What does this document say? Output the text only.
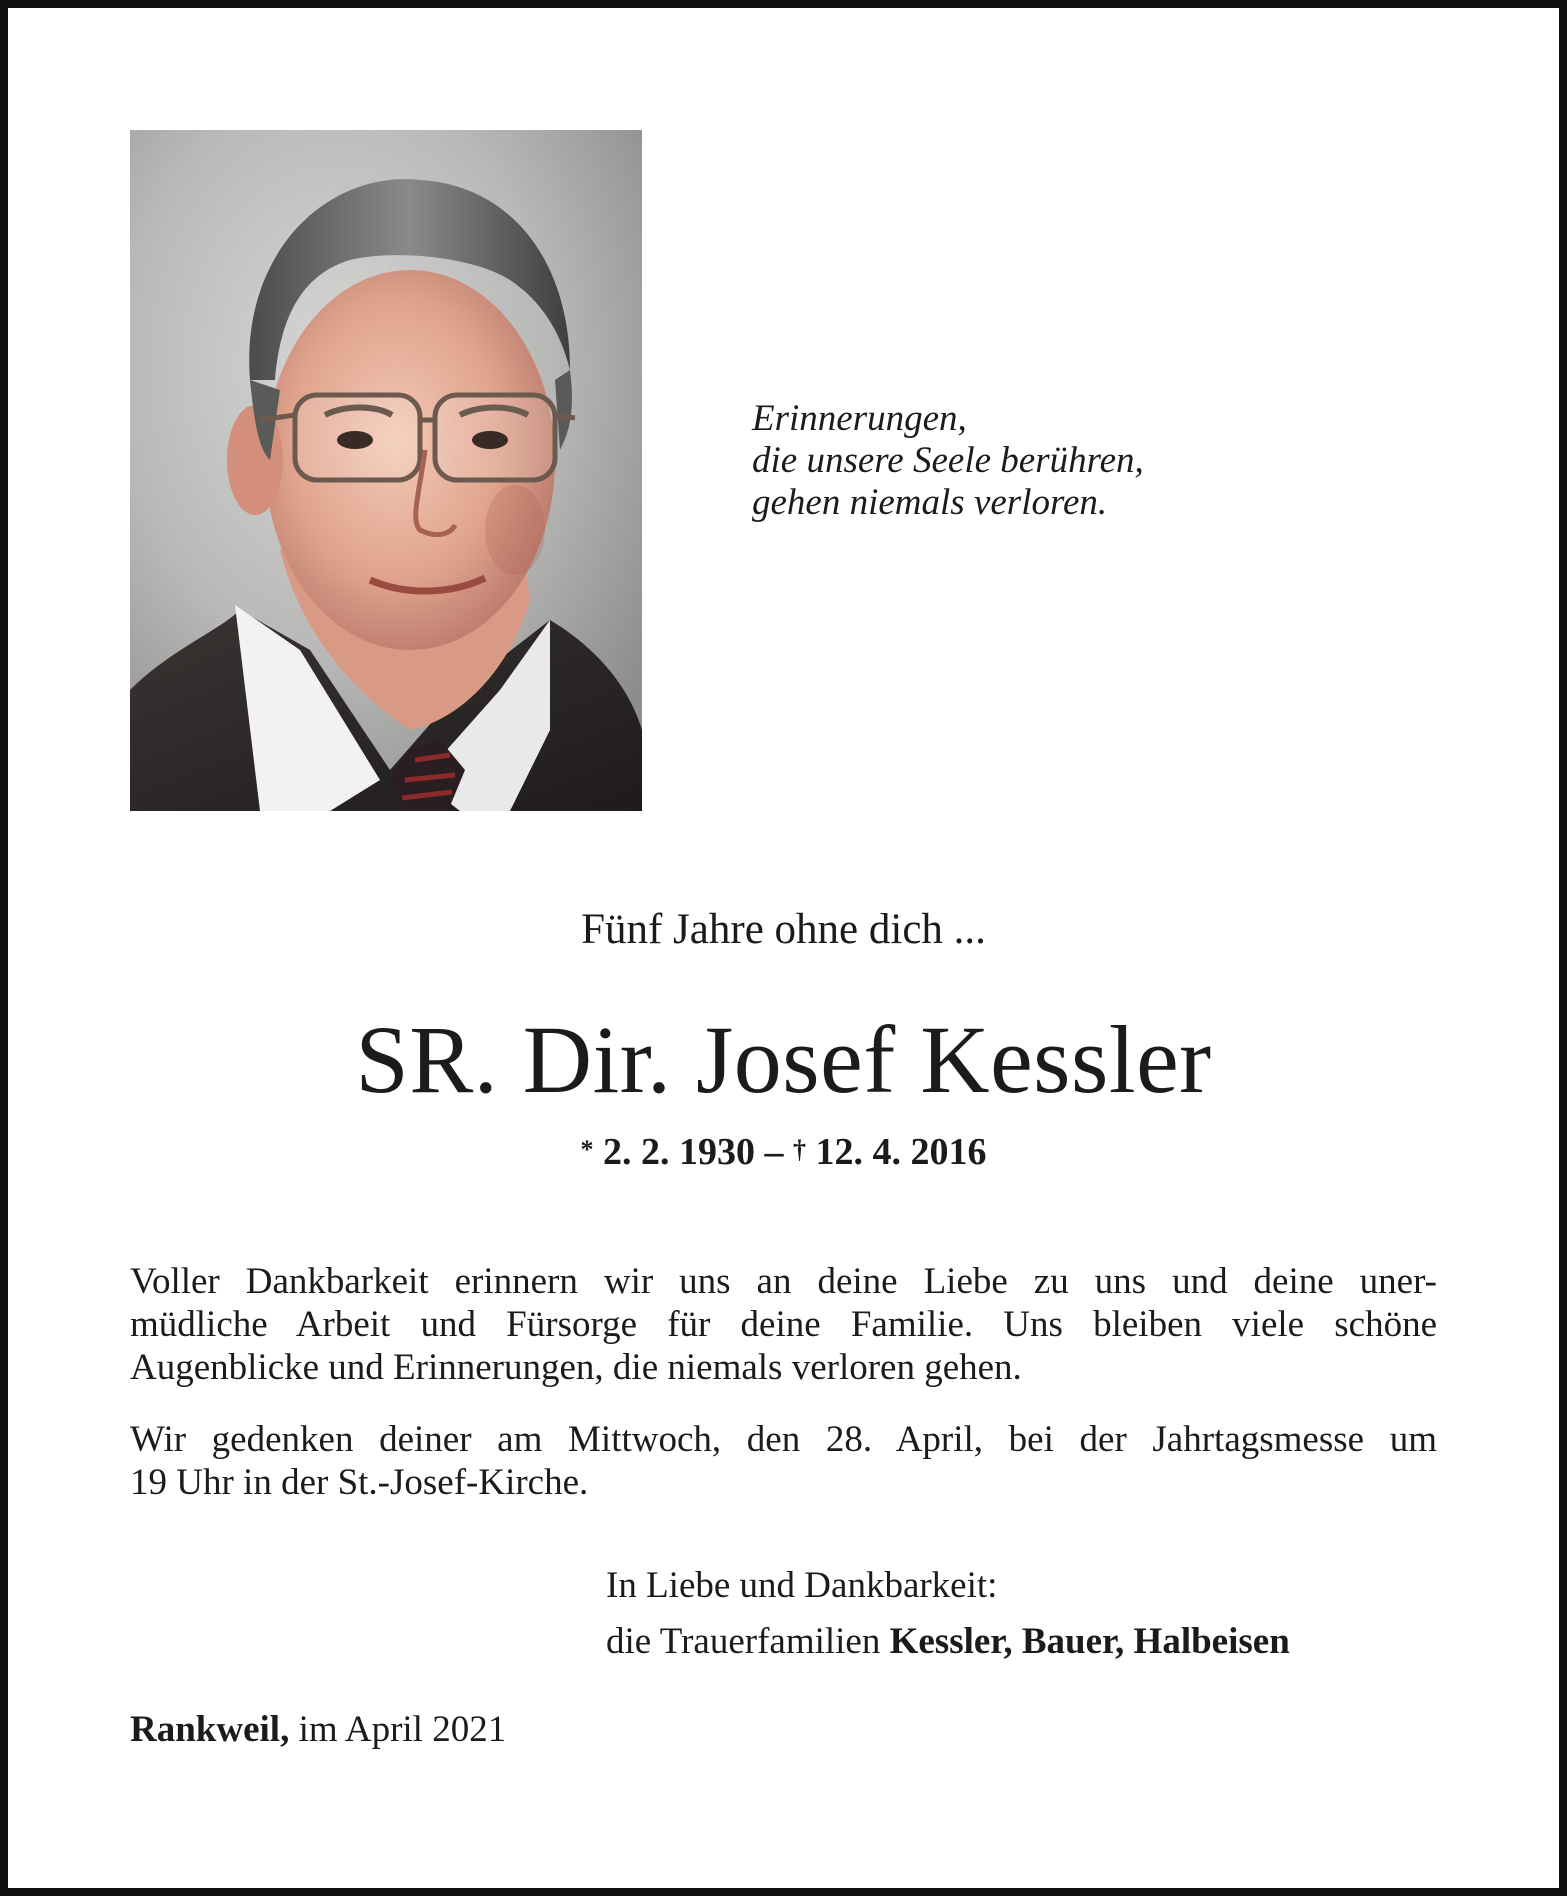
Erinnerungen,
die unsere Seele berühren,
gehen niemals verloren.
Fünf Jahre ohne dich ...
SR. Dir. Josef Kessler
* 2. 2. 1930 – † 12. 4. 2016
Voller Dankbarkeit erinnern wir uns an deine Liebe zu uns und deine uner-
müdliche Arbeit und Fürsorge für deine Familie. Uns bleiben viele schöne
Augenblicke und Erinnerungen, die niemals verloren gehen.
Wir gedenken deiner am Mittwoch, den 28. April, bei der Jahrtagsmesse um
19 Uhr in der St.-Josef-Kirche.
In Liebe und Dankbarkeit:
die Trauerfamilien Kessler, Bauer, Halbeisen
Rankweil, im April 2021
